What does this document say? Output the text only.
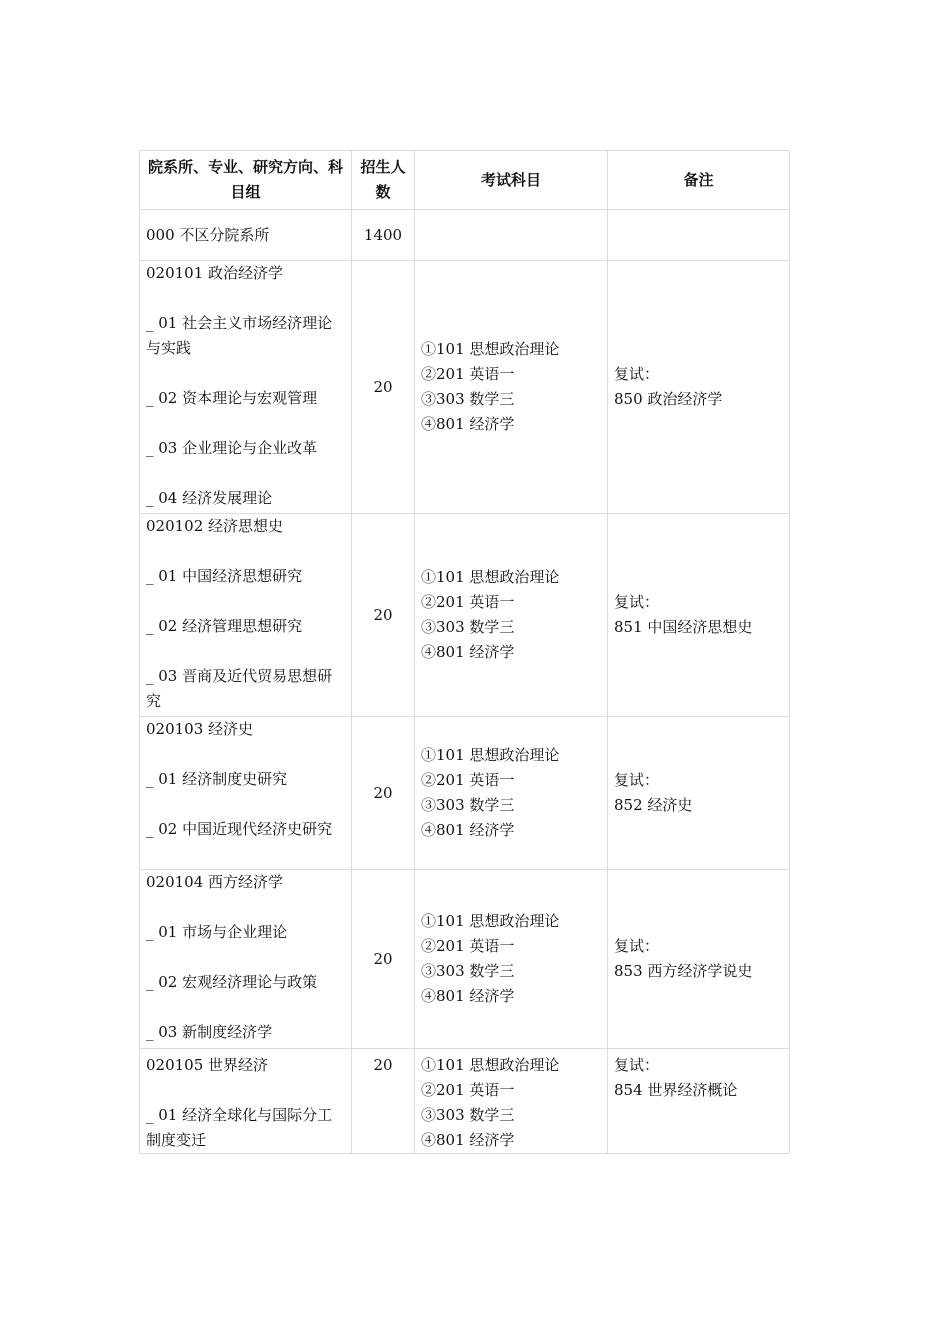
院系所、专业、研究方向、科目组	招生人数	考试科目	备注

000 不区分院系所	1400		

020101 政治经济学
_ 01 社会主义市场经济理论与实践
_ 02 资本理论与宏观管理
_ 03 企业理论与企业改革
_ 04 经济发展理论	20	①101 思想政治理论
②201 英语一
③303 数学三
④801 经济学	复试：
850 政治经济学

020102 经济思想史
_ 01 中国经济思想研究
_ 02 经济管理思想研究
_ 03 晋商及近代贸易思想研究	20	①101 思想政治理论
②201 英语一
③303 数学三
④801 经济学	复试：
851 中国经济思想史

020103 经济史
_ 01 经济制度史研究
_ 02 中国近现代经济史研究	20	①101 思想政治理论
②201 英语一
③303 数学三
④801 经济学	复试：
852 经济史

020104 西方经济学
_ 01 市场与企业理论
_ 02 宏观经济理论与政策
_ 03 新制度经济学	20	①101 思想政治理论
②201 英语一
③303 数学三
④801 经济学	复试：
853 西方经济学说史

020105 世界经济
_ 01 经济全球化与国际分工制度变迁	20	①101 思想政治理论
②201 英语一
③303 数学三
④801 经济学	复试：
854 世界经济概论
